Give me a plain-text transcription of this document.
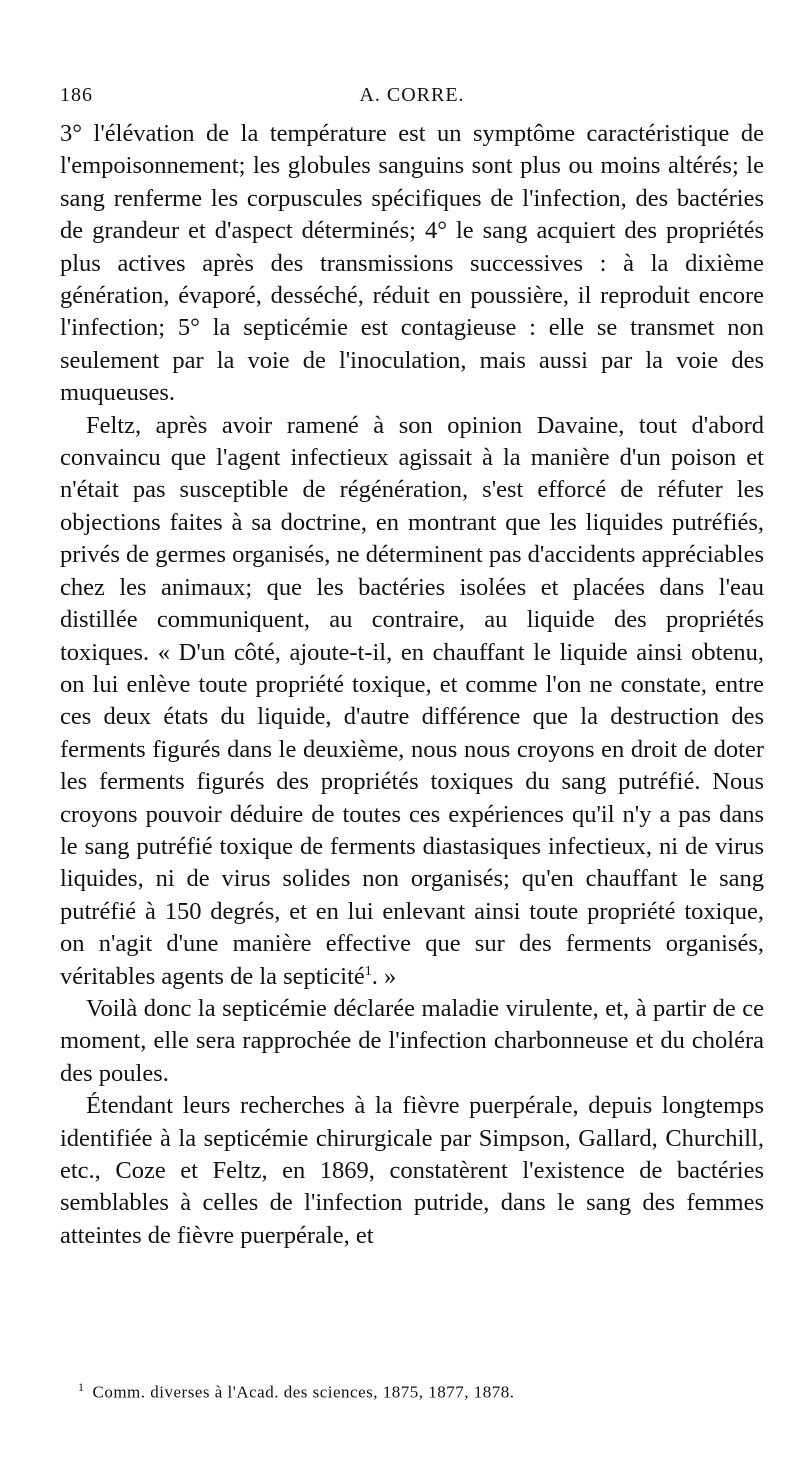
186	A. CORRE.

3° l'élévation de la température est un symptôme caractéristique de l'empoisonnement; les globules sanguins sont plus ou moins altérés; le sang renferme les corpuscules spécifiques de l'infection, des bactéries de grandeur et d'aspect déterminés; 4° le sang acquiert des propriétés plus actives après des transmissions successives : à la dixième génération, évaporé, desséché, réduit en poussière, il reproduit encore l'infection; 5° la septicémie est contagieuse : elle se transmet non seulement par la voie de l'inoculation, mais aussi par la voie des muqueuses.

Feltz, après avoir ramené à son opinion Davaine, tout d'abord convaincu que l'agent infectieux agissait à la manière d'un poison et n'était pas susceptible de régénération, s'est efforcé de réfuter les objections faites à sa doctrine, en montrant que les liquides putréfiés, privés de germes organisés, ne déterminent pas d'accidents appréciables chez les animaux; que les bactéries isolées et placées dans l'eau distillée communiquent, au contraire, au liquide des propriétés toxiques. « D'un côté, ajoute-t-il, en chauffant le liquide ainsi obtenu, on lui enlève toute propriété toxique, et comme l'on ne constate, entre ces deux états du liquide, d'autre différence que la destruction des ferments figurés dans le deuxième, nous nous croyons en droit de doter les ferments figurés des propriétés toxiques du sang putréfié. Nous croyons pouvoir déduire de toutes ces expériences qu'il n'y a pas dans le sang putréfié toxique de ferments diastasiques infectieux, ni de virus liquides, ni de virus solides non organisés; qu'en chauffant le sang putréfié à 150 degrés, et en lui enlevant ainsi toute propriété toxique, on n'agit d'une manière effective que sur des ferments organisés, véritables agents de la septicité$^1$. »

Voilà donc la septicémie déclarée maladie virulente, et, à partir de ce moment, elle sera rapprochée de l'infection charbonneuse et du choléra des poules.

Étendant leurs recherches à la fièvre puerpérale, depuis longtemps identifiée à la septicémie chirurgicale par Simpson, Gallard, Churchill, etc., Coze et Feltz, en 1869, constatèrent l'existence de bactéries semblables à celles de l'infection putride, dans le sang des femmes atteintes de fièvre puerpérale, et

$^1$ Comm. diverses à l'Acad. des sciences, 1875, 1877, 1878.
